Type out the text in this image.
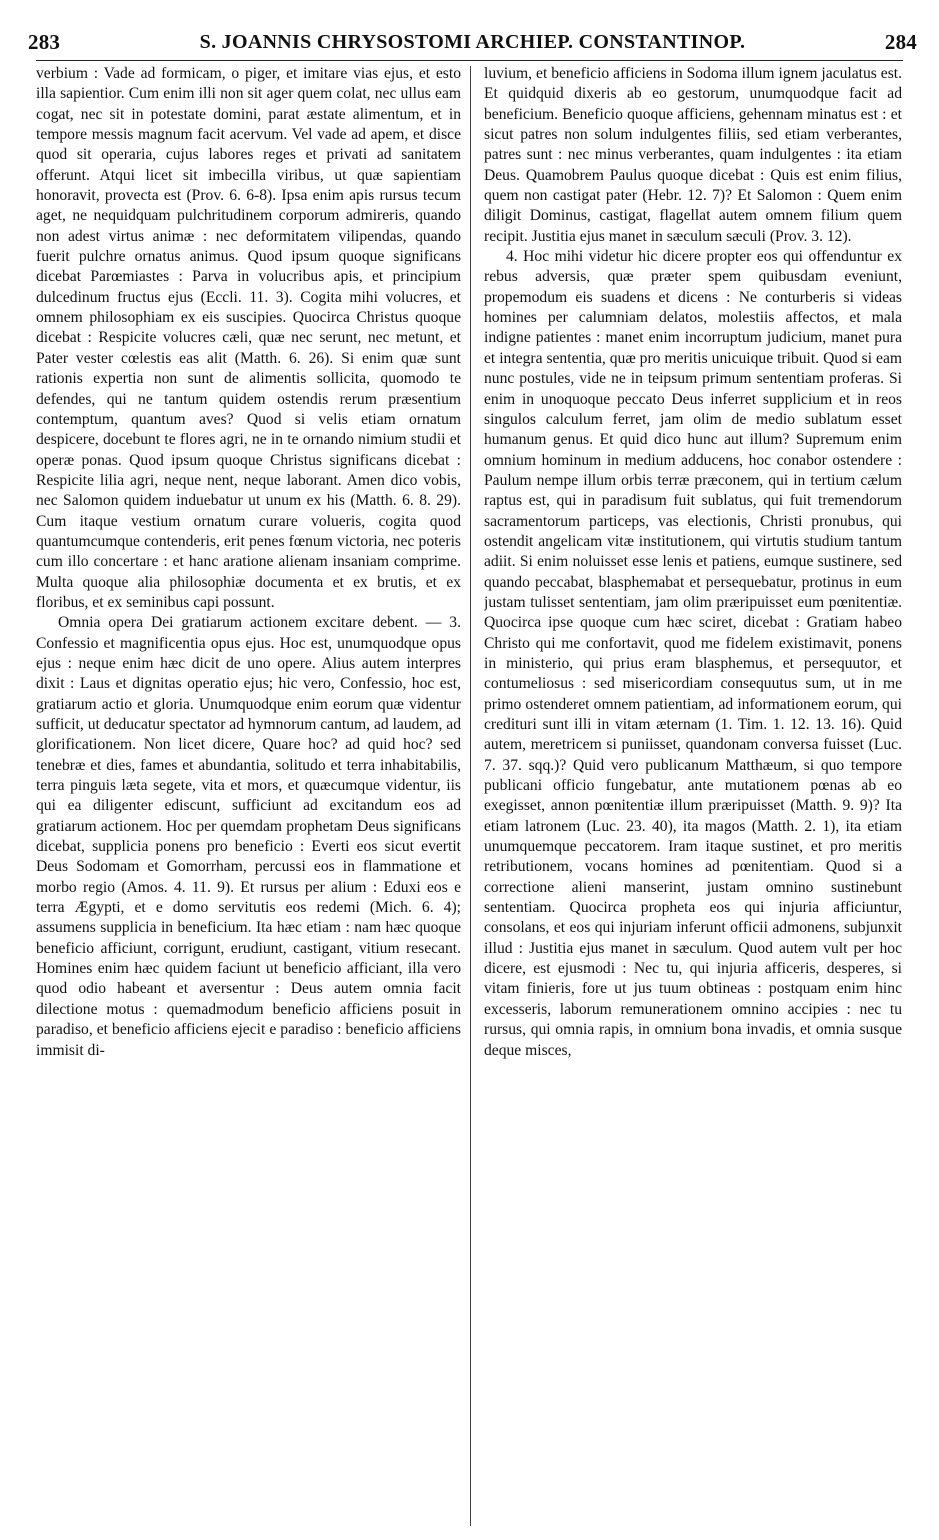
283	S. JOANNIS CHRYSOSTOMI ARCHIEP. CONSTANTINOP.	284

verbium : Vade ad formicam, o piger, et imitare vias ejus, et esto illa sapientior. Cum enim illi non sit ager quem colat, nec ullus eam cogat, nec sit in potestate domini, parat æstate alimentum, et in tempore messis magnum facit acervum. Vel vade ad apem, et disce quod sit operaria, cujus labores reges et privati ad sanitatem offerunt. Atqui licet sit imbecilla viribus, ut quæ sapientiam honoravit, provecta est (Prov. 6. 6-8). Ipsa enim apis rursus tecum aget, ne nequidquam pulchritudinem corporum admireris, quando non adest virtus animæ : nec deformitatem vilipendas, quando fuerit pulchre ornatus animus. Quod ipsum quoque significans dicebat Parœmiastes : Parva in volucribus apis, et principium dulcedinum fructus ejus (Eccli. 11. 3). Cogita mihi volucres, et omnem philosophiam ex eis suscipies. Quocirca Christus quoque dicebat : Respicite volucres cæli, quæ nec serunt, nec metunt, et Pater vester cœlestis eas alit (Matth. 6. 26). Si enim quæ sunt rationis expertia non sunt de alimentis sollicita, quomodo te defendes, qui ne tantum quidem ostendis rerum præsentium contemptum, quantum aves? Quod si velis etiam ornatum despicere, docebunt te flores agri, ne in te ornando nimium studii et operæ ponas. Quod ipsum quoque Christus significans dicebat : Respicite lilia agri, neque nent, neque laborant. Amen dico vobis, nec Salomon quidem induebatur ut unum ex his (Matth. 6. 8. 29). Cum itaque vestium ornatum curare volueris, cogita quod quantumcumque contenderis, erit penes fœnum victoria, nec poteris cum illo concertare : et hanc aratione alienam insaniam comprime. Multa quoque alia philosophiæ documenta et ex brutis, et ex floribus, et ex seminibus capi possunt.

Omnia opera Dei gratiarum actionem excitare debent. — 3. Confessio et magnificentia opus ejus. Hoc est, unumquodque opus ejus : neque enim hæc dicit de uno opere. Alius autem interpres dixit : Laus et dignitas operatio ejus; hic vero, Confessio, hoc est, gratiarum actio et gloria. Unumquodque enim eorum quæ videntur sufficit, ut deducatur spectator ad hymnorum cantum, ad laudem, ad glorificationem. Non licet dicere, Quare hoc? ad quid hoc? sed tenebræ et dies, fames et abundantia, solitudo et terra inhabitabilis, terra pinguis læta segete, vita et mors, et quæcumque videntur, iis qui ea diligenter ediscunt, sufficiunt ad excitandum eos ad gratiarum actionem. Hoc per quemdam prophetam Deus significans dicebat, supplicia ponens pro beneficio : Everti eos sicut evertit Deus Sodomam et Gomorrham, percussi eos in flammatione et morbo regio (Amos. 4. 11. 9). Et rursus per alium : Eduxi eos e terra Ægypti, et e domo servitutis eos redemi (Mich. 6. 4); assumens supplicia in beneficium. Ita hæc etiam : nam hæc quoque beneficio afficiunt, corrigunt, erudiunt, castigant, vitium resecant. Homines enim hæc quidem faciunt ut beneficio afficiant, illa vero quod odio habeant et aversentur : Deus autem omnia facit dilectione motus : quemadmodum beneficio afficiens posuit in paradiso, et beneficio afficiens ejecit e paradiso : beneficio afficiens immisit di-

luvium, et beneficio afficiens in Sodoma illum ignem jaculatus est. Et quidquid dixeris ab eo gestorum, unumquodque facit ad beneficium. Beneficio quoque afficiens, gehennam minatus est : et sicut patres non solum indulgentes filiis, sed etiam verberantes, patres sunt : nec minus verberantes, quam indulgentes : ita etiam Deus. Quamobrem Paulus quoque dicebat : Quis est enim filius, quem non castigat pater (Hebr. 12. 7)? Et Salomon : Quem enim diligit Dominus, castigat, flagellat autem omnem filium quem recipit. Justitia ejus manet in sæculum sæculi (Prov. 3. 12).

4. Hoc mihi videtur hic dicere propter eos qui offenduntur ex rebus adversis, quæ præter spem quibusdam eveniunt, propemodum eis suadens et dicens : Ne conturberis si videas homines per calumniam delatos, molestiis affectos, et mala indigne patientes : manet enim incorruptum judicium, manet pura et integra sententia, quæ pro meritis unicuique tribuit. Quod si eam nunc postules, vide ne in teipsum primum sententiam proferas. Si enim in unoquoque peccato Deus inferret supplicium et in reos singulos calculum ferret, jam olim de medio sublatum esset humanum genus. Et quid dico hunc aut illum? Supremum enim omnium hominum in medium adducens, hoc conabor ostendere : Paulum nempe illum orbis terræ præconem, qui in tertium cælum raptus est, qui in paradisum fuit sublatus, qui fuit tremendorum sacramentorum particeps, vas electionis, Christi pronubus, qui ostendit angelicam vitæ institutionem, qui virtutis studium tantum adiit. Si enim noluisset esse lenis et patiens, eumque sustinere, sed quando peccabat, blasphemabat et persequebatur, protinus in eum justam tulisset sententiam, jam olim præripuisset eum pœnitentiæ. Quocirca ipse quoque cum hæc sciret, dicebat : Gratiam habeo Christo qui me confortavit, quod me fidelem existimavit, ponens in ministerio, qui prius eram blasphemus, et persequutor, et contumeliosus : sed misericordiam consequutus sum, ut in me primo ostenderet omnem patientiam, ad informationem eorum, qui credituri sunt illi in vitam æternam (1. Tim. 1. 12. 13. 16). Quid autem, meretricem si puniisset, quandonam conversa fuisset (Luc. 7. 37. sqq.)? Quid vero publicanum Matthæum, si quo tempore publicani officio fungebatur, ante mutationem pœnas ab eo exegisset, annon pœnitentiæ illum præripuisset (Matth. 9. 9)? Ita etiam latronem (Luc. 23. 40), ita magos (Matth. 2. 1), ita etiam unumquemque peccatorem. Iram itaque sustinet, et pro meritis retributionem, vocans homines ad pœnitentiam. Quod si a correctione alieni manserint, justam omnino sustinebunt sententiam. Quocirca propheta eos qui injuria afficiuntur, consolans, et eos qui injuriam inferunt officii admonens, subjunxit illud : Justitia ejus manet in sæculum. Quod autem vult per hoc dicere, est ejusmodi : Nec tu, qui injuria afficeris, desperes, si vitam finieris, fore ut jus tuum obtineas : postquam enim hinc excesseris, laborum remunerationem omnino accipies : nec tu rursus, qui omnia rapis, in omnium bona invadis, et omnia susque deque misces,
